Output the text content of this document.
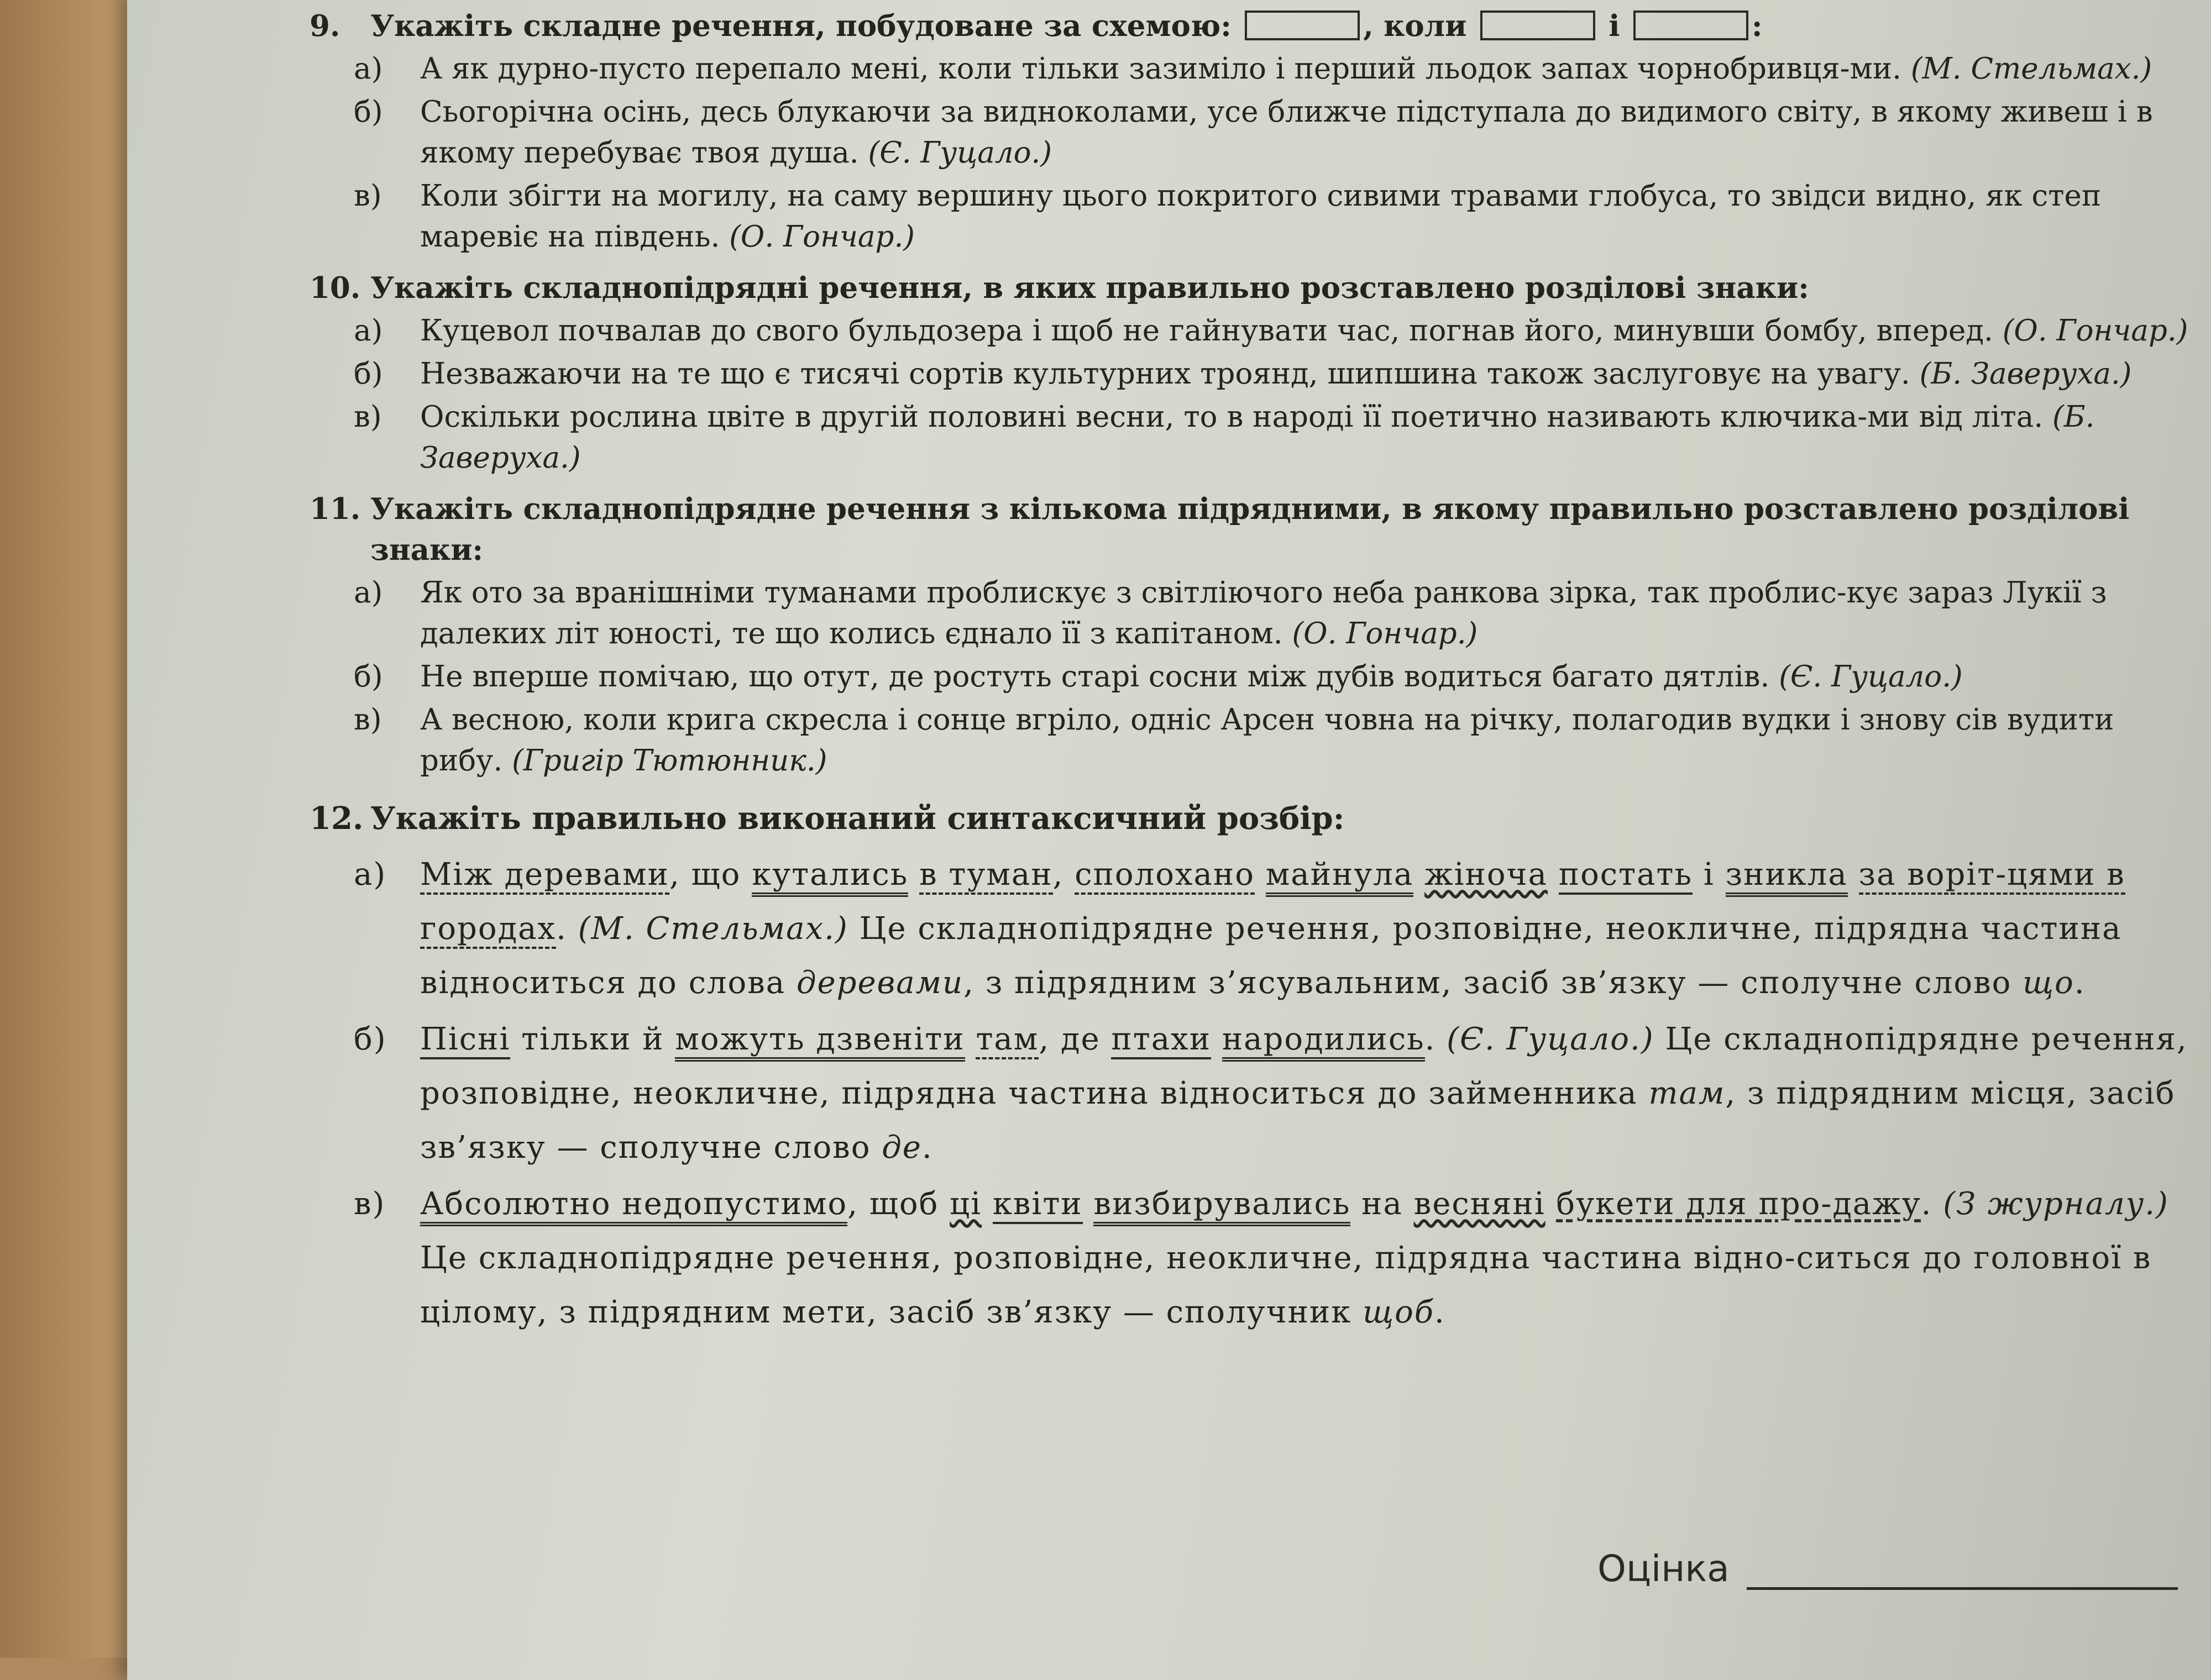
9. Укажіть складне речення, побудоване за схемою:	, коли	і	:
а) А як дурно-пусто перепало мені, коли тільки зазиміло і перший льодок запах чорнобривця-ми. (М. Стельмах.)
б) Сьогорічна осінь, десь блукаючи за видноколами, усе ближче підступала до видимого світу, в якому живеш і в якому перебуває твоя душа. (Є. Гуцало.)
в) Коли збігти на могилу, на саму вершину цього покритого сивими травами глобуса, то звідси видно, як степ маревіє на південь. (О. Гончар.)
10. Укажіть складнопідрядні речення, в яких правильно розставлено розділові знаки:
а) Куцевол почвалав до свого бульдозера і щоб не гайнувати час, погнав його, минувши бомбу, вперед. (О. Гончар.)
б) Незважаючи на те що є тисячі сортів культурних троянд, шипшина також заслуговує на увагу. (Б. Заверуха.)
в) Оскільки рослина цвіте в другій половині весни, то в народі її поетично називають ключика-ми від літа. (Б. Заверуха.)
11. Укажіть складнопідрядне речення з кількома підрядними, в якому правильно розставлено розділові знаки:
а) Як ото за вранішніми туманами проблискує з світліючого неба ранкова зірка, так проблис-кує зараз Лукії з далеких літ юності, те що колись єднало її з капітаном. (О. Гончар.)
б) Не вперше помічаю, що отут, де ростуть старі сосни між дубів водиться багато дятлів. (Є. Гуцало.)
в) А весною, коли крига скресла і сонце вгріло, одніс Арсен човна на річку, полагодив вудки і знову сів вудити рибу. (Григір Тютюнник.)
12. Укажіть правильно виконаний синтаксичний розбір:
а) Між деревами, що кутались в туман, сполохано майнула жіноча постать і зникла за воріт-цями в городах. (М. Стельмах.) Це складнопідрядне речення, розповідне, неокличне, підрядна частина відноситься до слова деревами, з підрядним з’ясувальним, засіб зв’язку — сполучне слово що.
б) Пісні тільки й можуть дзвеніти там, де птахи народились. (Є. Гуцало.) Це складнопідрядне речення, розповідне, неокличне, підрядна частина відноситься до займенника там, з підрядним місця, засіб зв’язку — сполучне слово де.
в) Абсолютно недопустимо, щоб ці квіти визбирувались на весняні букети для про-дажу. (З журналу.) Це складнопідрядне речення, розповідне, неокличне, підрядна частина відно-ситься до головної в цілому, з підрядним мети, засіб зв’язку — сполучник щоб.
Оцінка
